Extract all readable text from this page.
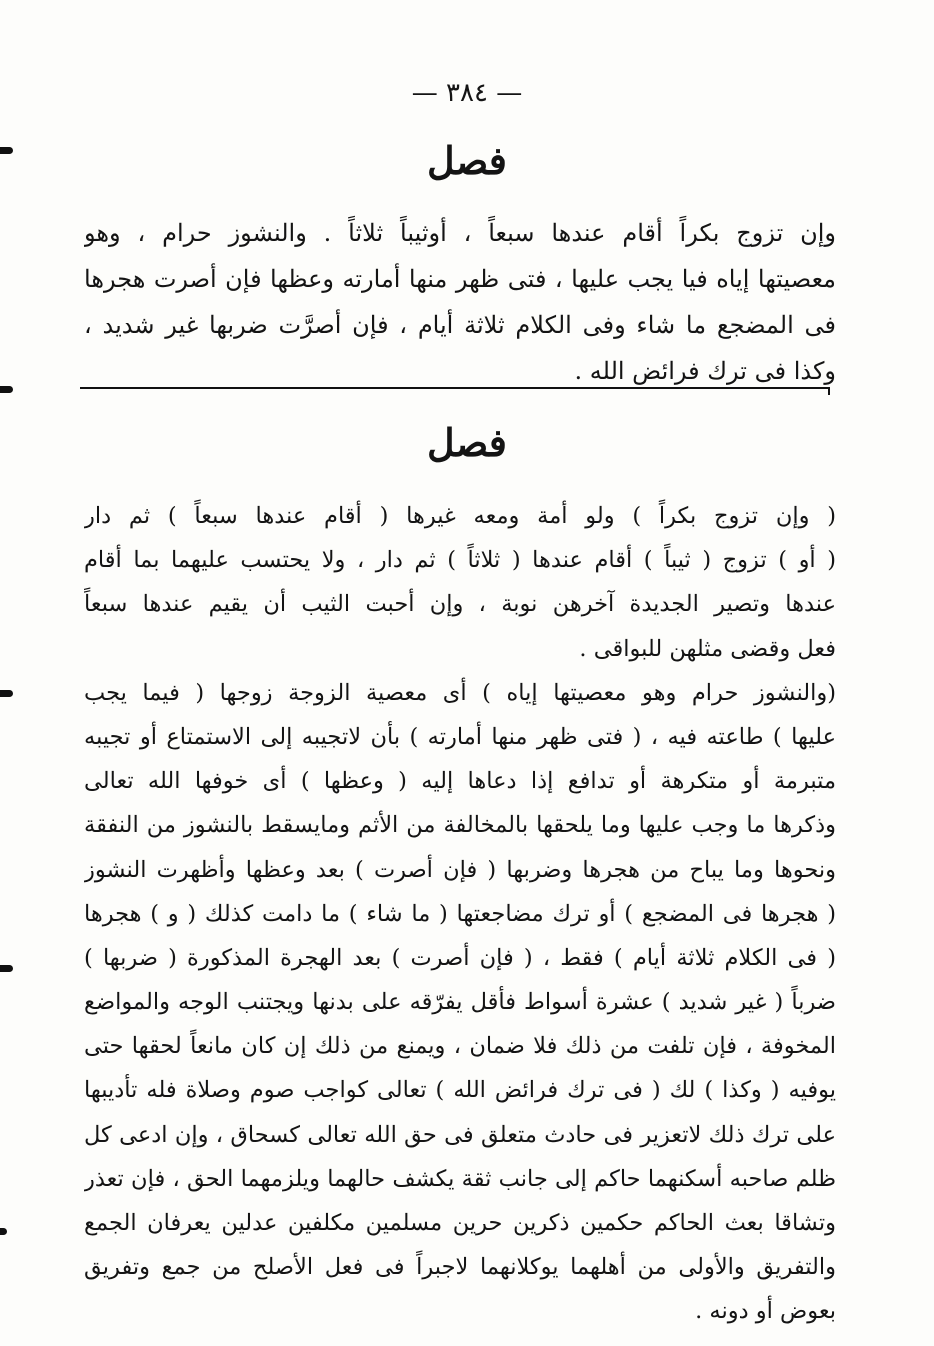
— ٣٨٤ —
فصل
وإن تزوج بكراً أقام عندها سبعاً ، أوثيباً ثلاثاً . والنشوز حرام ، وهو
معصيتها إياه فيا يجب عليها ، فتى ظهر منها أمارته وعظها فإن أصرت هجرها
فى المضجع ما شاء وفى الكلام ثلاثة أيام ، فإن أصرَّت ضربها غير شديد ،
وكذا فى ترك فرائض الله .
فصل
( وإن تزوج بكراً ) ولو أمة ومعه غيرها ( أقام عندها سبعاً ) ثم دار
( أو ) تزوج ( ثيباً ) أقام عندها ( ثلاثاً ) ثم دار ، ولا يحتسب عليهما بما أقام
عندها وتصير الجديدة آخرهن نوبة ، وإن أحبت الثيب أن يقيم عندها سبعاً
فعل وقضى مثلهن للبواقى .
(والنشوز حرام وهو معصيتها إياه ) أى معصية الزوجة زوجها ( فيما يجب
عليها ) طاعته فيه ، ( فتى ظهر منها أمارته ) بأن لاتجيبه إلى الاستمتاع أو تجيبه
متبرمة أو متكرهة أو تدافع إذا دعاها إليه ( وعظها ) أى خوفها الله تعالى
وذكرها ما وجب عليها وما يلحقها بالمخالفة من الأثم ومايسقط بالنشوز من النفقة
ونحوها وما يباح من هجرها وضربها ( فإن أصرت ) بعد وعظها وأظهرت النشوز
( هجرها فى المضجع ) أو ترك مضاجعتها ( ما شاء ) ما دامت كذلك ( و ) هجرها
( فى الكلام ثلاثة أيام ) فقط ، ( فإن أصرت ) بعد الهجرة المذكورة ( ضربها )
ضرباً ( غير شديد ) عشرة أسواط فأقل يفرّقه على بدنها ويجتنب الوجه والمواضع
المخوفة ، فإن تلفت من ذلك فلا ضمان ، ويمنع من ذلك إن كان مانعاً لحقها حتى
يوفيه ( وكذا ) لك ( فى ترك فرائض الله ) تعالى كواجب صوم وصلاة فله تأديبها
على ترك ذلك لاتعزير فى حادث متعلق فى حق الله تعالى كسحاق ، وإن ادعى كل
ظلم صاحبه أسكنهما حاكم إلى جانب ثقة يكشف حالهما ويلزمهما الحق ، فإن تعذر
وتشاقا بعث الحاكم حكمين ذكرين حرين مسلمين مكلفين عدلين يعرفان الجمع
والتفريق والأولى من أهلهما يوكلانهما لاجبراً فى فعل الأصلح من جمع وتفريق
بعوض أو دونه .
